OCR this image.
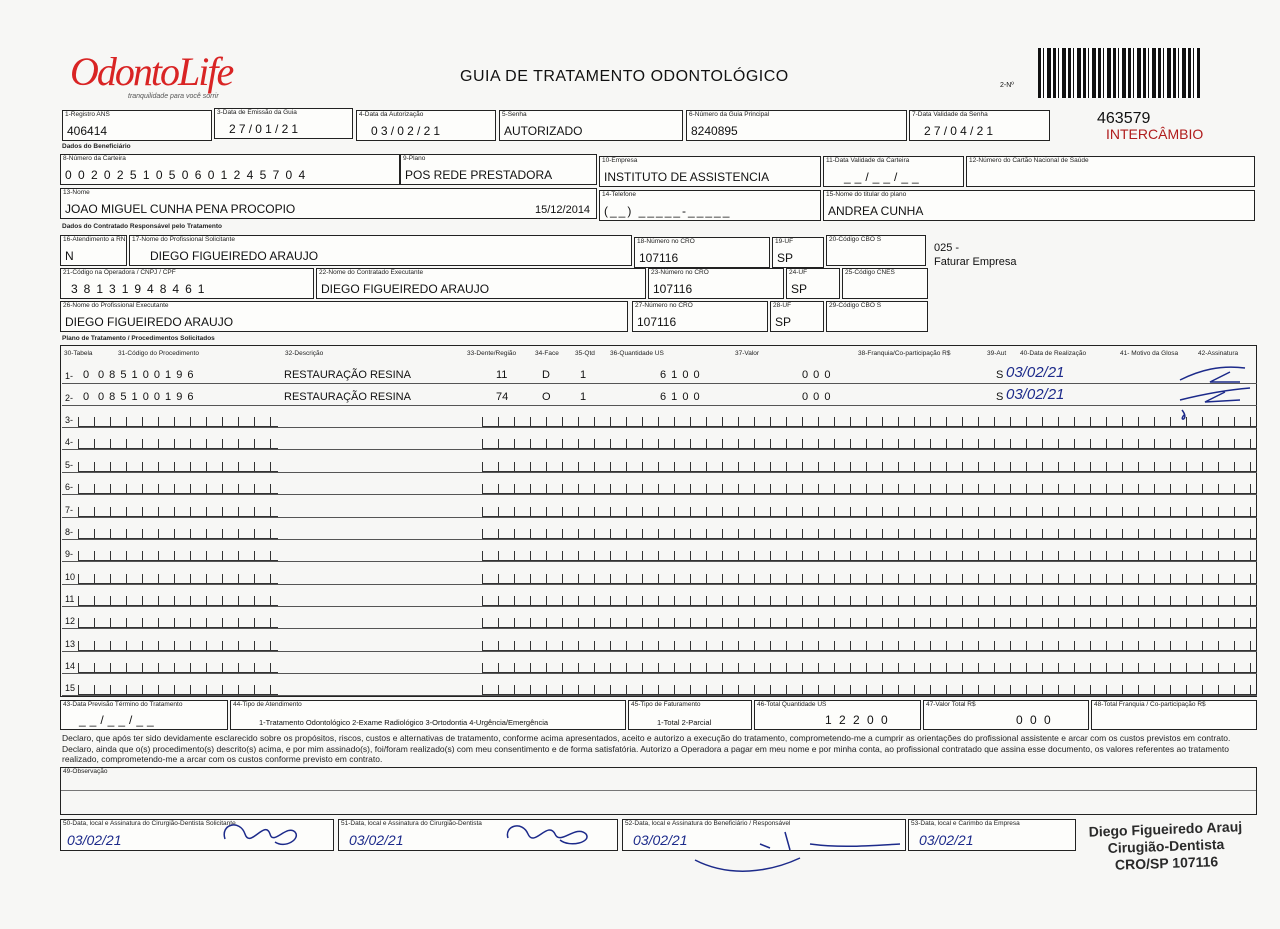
OdontoLife
tranquilidade para você sorrir
GUIA DE TRATAMENTO ODONTOLÓGICO
2-Nº
463579
INTERCÂMBIO
1-Registro ANS
406414
3-Data de Emissão da Guia
27/01/21
4-Data da Autorização
03/02/21
5-Senha
AUTORIZADO
6-Número da Guia Principal
8240895
7-Data Validade da Senha
27/04/21
Dados do Beneficiário
8-Número da Carteira
0020251050601245704
9-Plano
POS REDE PRESTADORA
10-Empresa
INSTITUTO DE ASSISTENCIA
11-Data Validade da Carteira
__/__/__
12-Número do Cartão Nacional de Saúde
13-Nome
JOAO MIGUEL CUNHA PENA PROCOPIO	15/12/2014
14-Telefone
(__) _____-_____
15-Nome do titular do plano
ANDREA CUNHA
Dados do Contratado Responsável pelo Tratamento
16-Atendimento a RN
N
17-Nome do Profissional Solicitante
DIEGO FIGUEIREDO ARAUJO
18-Número no CRO
107116
19-UF
SP
20-Código CBO S
025 -
Faturar Empresa
21-Código na Operadora / CNPJ / CPF
38131948461
22-Nome do Contratado Executante
DIEGO FIGUEIREDO ARAUJO
23-Número no CRO
107116
24-UF
SP
25-Código CNES
26-Nome do Profissional Executante
DIEGO FIGUEIREDO ARAUJO
27-Número no CRO
107116
28-UF
SP
29-Código CBO S
Plano de Tratamento / Procedimentos Solicitados
30-Tabela	31-Código do Procedimento	32-Descrição	33-Dente/Região	34-Face 35-Qtd 36-Quantidade US	37-Valor	38-Franquia/Co-participação R$	39-Aut 40-Data de Realização	41- Motivo da Glosa	42-Assinatura
1- 0 0 8 5 1 0 0 1 9 6	RESTAURAÇÃO RESINA	11	D	1	6 1 0 0	0 0 0	S 03/02/21
2- 0 0 8 5 1 0 0 1 9 6	RESTAURAÇÃO RESINA	74	O	1	6 1 0 0	0 0 0	S 03/02/21
3-
4-
5-
6-
7-
8-
9-
10
11
12
13
14
15
43-Data Previsão Término do Tratamento
__/__/__
44-Tipo de Atendimento
1-Tratamento Odontológico 2-Exame Radiológico 3-Ortodontia 4-Urgência/Emergência
45-Tipo de Faturamento
1-Total 2-Parcial
46-Total Quantidade US
1 2 2 0 0
47-Valor Total R$
0 0 0
48-Total Franquia / Co-participação R$
Declaro, que após ter sido devidamente esclarecido sobre os propósitos, riscos, custos e alternativas de tratamento, conforme acima apresentados, aceito e autorizo a execução do tratamento, comprometendo-me a cumprir as orientações do profissional assistente e arcar com os custos previstos em contrato. Declaro, ainda que o(s) procedimento(s) descrito(s) acima, e por mim assinado(s), foi/foram realizado(s) com meu consentimento e de forma satisfatória. Autorizo a Operadora a pagar em meu nome e por minha conta, ao profissional contratado que assina esse documento, os valores referentes ao tratamento realizado, comprometendo-me a arcar com os custos conforme previsto em contrato.
49-Observação
50-Data, local e Assinatura do Cirurgião-Dentista Solicitante
03/02/21
51-Data, local e Assinatura do Cirurgião-Dentista
03/02/21
52-Data, local e Assinatura do Beneficiário / Responsável
03/02/21
53-Data, local e Carimbo da Empresa
03/02/21
Diego Figueiredo Arauj
Cirugião-Dentista
CRO/SP 107116
